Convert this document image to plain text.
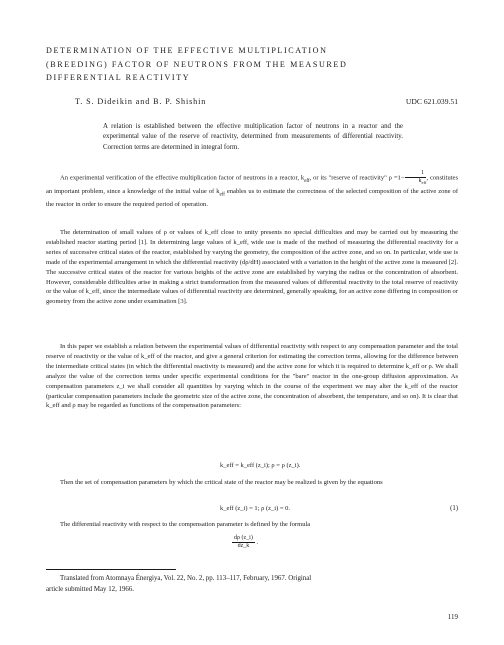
DETERMINATION OF THE EFFECTIVE MULTIPLICATION
(BREEDING) FACTOR OF NEUTRONS FROM THE MEASURED
DIFFERENTIAL REACTIVITY
T. S. Dideikin and B. P. Shishin	UDC 621.039.51
A relation is established between the effective multiplication factor of neutrons in a reactor and the experimental value of the reserve of reactivity, determined from measurements of differential reactivity. Correction terms are determined in integral form.

An experimental verification of the effective multiplication factor of neutrons in a reactor, $k_{eff}$, or its "reserve of reactivity" $\rho =1- \frac{1}{k_{eff}}$ , constitutes an important problem, since a knowledge of the initial value of $k_{eff}$ enables us to estimate the correctness of the selected composition of the active zone of the reactor in order to ensure the required period of operation.

The determination of small values of ρ or values of k_eff close to unity presents no special difficulties and may be carried out by measuring the established reactor starting period [1]. In determining large values of k_eff, wide use is made of the method of measuring the differential reactivity for a series of successive critical states of the reactor, established by varying the geometry, the composition of the active zone, and so on. In particular, wide use is made of the experimental arrangement in which the differential reactivity (dρ/dH) associated with a variation in the height of the active zone is measured [2]. The successive critical states of the reactor for various heights of the active zone are established by varying the radius or the concentration of absorbent. However, considerable difficulties arise in making a strict transformation from the measured values of differential reactivity to the total reserve of reactivity or the value of k_eff, since the intermediate values of differential reactivity are determined, generally speaking, for an active zone differing in composition or geometry from the active zone under examination [3].

In this paper we establish a relation between the experimental values of differential reactivity with respect to any compensation parameter and the total reserve of reactivity or the value of k_eff of the reactor, and give a general criterion for estimating the correction terms, allowing for the difference between the intermediate critical states (in which the differential reactivity is measured) and the active zone for which it is required to determine k_eff or ρ. We shall analyze the value of the correction terms under specific experimental conditions for the "bare" reactor in the one-group diffusion approximation. As compensation parameters z_i we shall consider all quantities by varying which in the course of the experiment we may alter the k_eff of the reactor (particular compensation parameters include the geometric size of the active zone, the concentration of absorbent, the temperature, and so on). It is clear that k_eff and ρ may be regarded as functions of the compensation parameters:

k_eff = k_eff (z_i); ρ = ρ (z_i).

Then the set of compensation parameters by which the critical state of the reactor may be realized is given by the equations

k_eff (z_i) = 1; ρ (z_i) = 0.	(1)

The differential reactivity with respect to the compensation parameter is defined by the formula

$\frac{d\rho (z\_i)}{dz\_k}$ .
Translated from Atomnaya Énergiya, Vol. 22, No. 2, pp. 113–117, February, 1967. Original
article submitted May 12, 1966.
119
